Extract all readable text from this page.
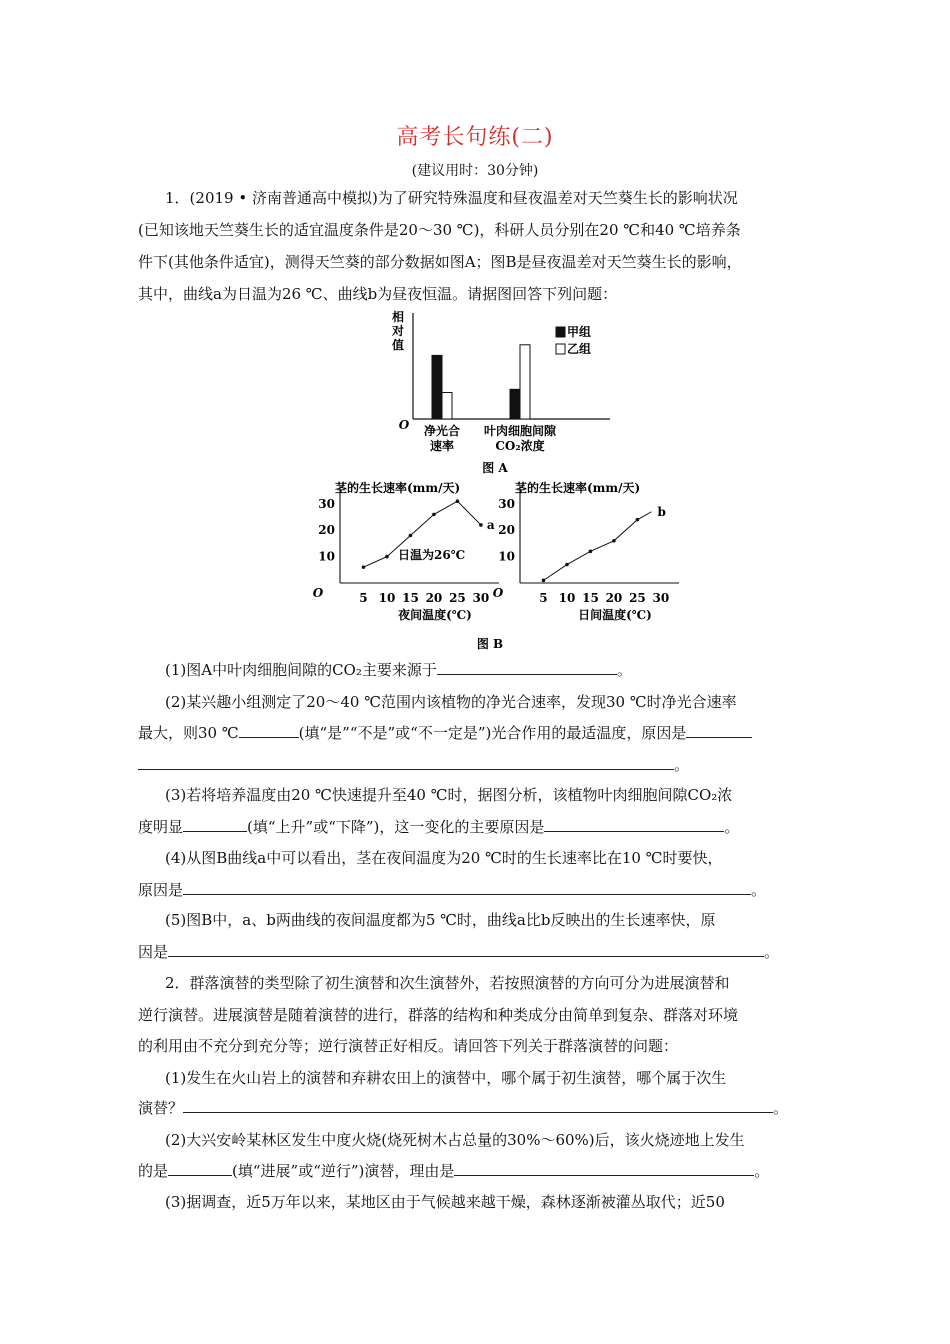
高考长句练(二)
(建议用时：30分钟)
1．(2019 • 济南普通高中模拟)为了研究特殊温度和昼夜温差对天竺葵生长的影响状况
(已知该地天竺葵生长的适宜温度条件是20～30 ℃)，科研人员分别在20 ℃和40 ℃培养条
件下(其他条件适宜)，测得天竺葵的部分数据如图A；图B是昼夜温差对天竺葵生长的影响，
其中，曲线a为日温为26 ℃、曲线b为昼夜恒温。请据图回答下列问题：
相
对
值
O
甲组
乙组
净光合
速率
叶肉细胞间隙
CO₂浓度
图 A
茎的生长速率(mm/天)
10
20
30
5 10 15 20 25 30
O
夜间温度(℃)
a
日温为26℃
茎的生长速率(mm/天)
10
20
30
5 10 15 20 25 30
O
日间温度(℃)
b
图 B
(1)图A中叶肉细胞间隙的CO₂主要来源于	。
(2)某兴趣小组测定了20～40 ℃范围内该植物的净光合速率，发现30 ℃时净光合速率
最大，则30 ℃	(填“是”“不是”或“不一定是”)光合作用的最适温度，原因是
。
(3)若将培养温度由20 ℃快速提升至40 ℃时，据图分析，该植物叶肉细胞间隙CO₂浓
度明显	(填“上升”或“下降”)，这一变化的主要原因是	。
(4)从图B曲线a中可以看出，茎在夜间温度为20 ℃时的生长速率比在10 ℃时要快，
原因是	。
(5)图B中，a、b两曲线的夜间温度都为5 ℃时，曲线a比b反映出的生长速率快，原
因是	。
2．群落演替的类型除了初生演替和次生演替外，若按照演替的方向可分为进展演替和
逆行演替。进展演替是随着演替的进行，群落的结构和种类成分由简单到复杂、群落对环境
的利用由不充分到充分等；逆行演替正好相反。请回答下列关于群落演替的问题：
(1)发生在火山岩上的演替和弃耕农田上的演替中，哪个属于初生演替，哪个属于次生
演替？	。
(2)大兴安岭某林区发生中度火烧(烧死树木占总量的30%～60%)后，该火烧迹地上发生
的是	(填“进展”或“逆行”)演替，理由是	。
(3)据调查，近5万年以来，某地区由于气候越来越干燥，森林逐渐被灌丛取代；近50
